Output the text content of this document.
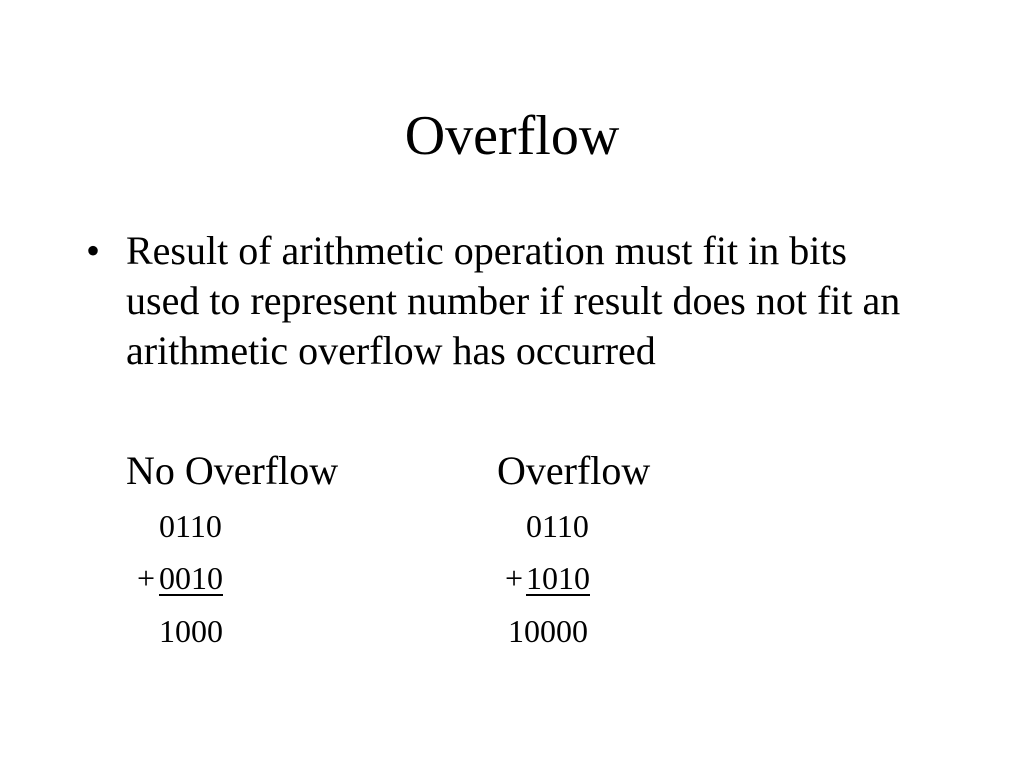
Overflow
• Result of arithmetic operation must fit in bits used to represent number if result does not fit an arithmetic overflow has occurred
No Overflow
0110
+ 0010
1000
Overflow
0110
+ 1010
10000
